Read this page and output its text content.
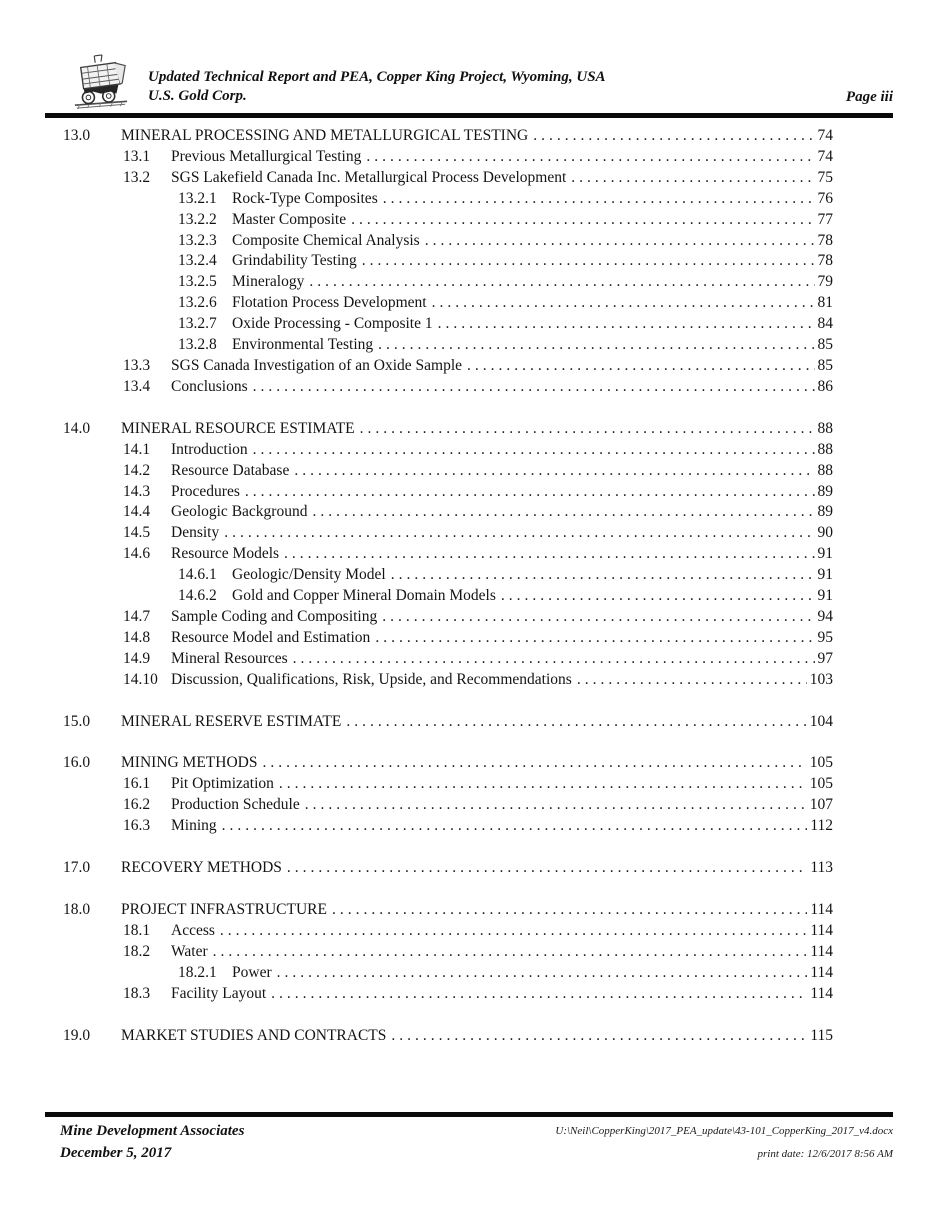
Updated Technical Report and PEA, Copper King Project, Wyoming, USA
U.S. Gold Corp.	Page iii
13.0	MINERAL PROCESSING AND METALLURGICAL TESTING .....	74
13.1	Previous Metallurgical Testing .....	74
13.2	SGS Lakefield Canada Inc. Metallurgical Process Development .....	75
13.2.1 Rock-Type Composites .....	76
13.2.2 Master Composite .....	77
13.2.3 Composite Chemical Analysis .....	78
13.2.4 Grindability Testing .....	78
13.2.5 Mineralogy .....	79
13.2.6 Flotation Process Development .....	81
13.2.7 Oxide Processing - Composite 1 .....	84
13.2.8 Environmental Testing .....	85
13.3	SGS Canada Investigation of an Oxide Sample .....	85
13.4	Conclusions .....	86
14.0	MINERAL RESOURCE ESTIMATE .....	88
14.1	Introduction .....	88
14.2	Resource Database .....	88
14.3	Procedures .....	89
14.4	Geologic Background .....	89
14.5	Density .....	90
14.6	Resource Models .....	91
14.6.1 Geologic/Density Model .....	91
14.6.2 Gold and Copper Mineral Domain Models .....	91
14.7	Sample Coding and Compositing .....	94
14.8	Resource Model and Estimation .....	95
14.9	Mineral Resources .....	97
14.10 Discussion, Qualifications, Risk, Upside, and Recommendations .....	103
15.0	MINERAL RESERVE ESTIMATE .....	104
16.0	MINING METHODS .....	105
16.1	Pit Optimization .....	105
16.2	Production Schedule .....	107
16.3	Mining .....	112
17.0	RECOVERY METHODS .....	113
18.0	PROJECT INFRASTRUCTURE .....	114
18.1	Access .....	114
18.2	Water .....	114
18.2.1 Power .....	114
18.3	Facility Layout .....	114
19.0	MARKET STUDIES AND CONTRACTS .....	115
Mine Development Associates
December 5, 2017
U:\Neil\CopperKing\2017_PEA_update\43-101_CopperKing_2017_v4.docx
print date: 12/6/2017 8:56 AM
